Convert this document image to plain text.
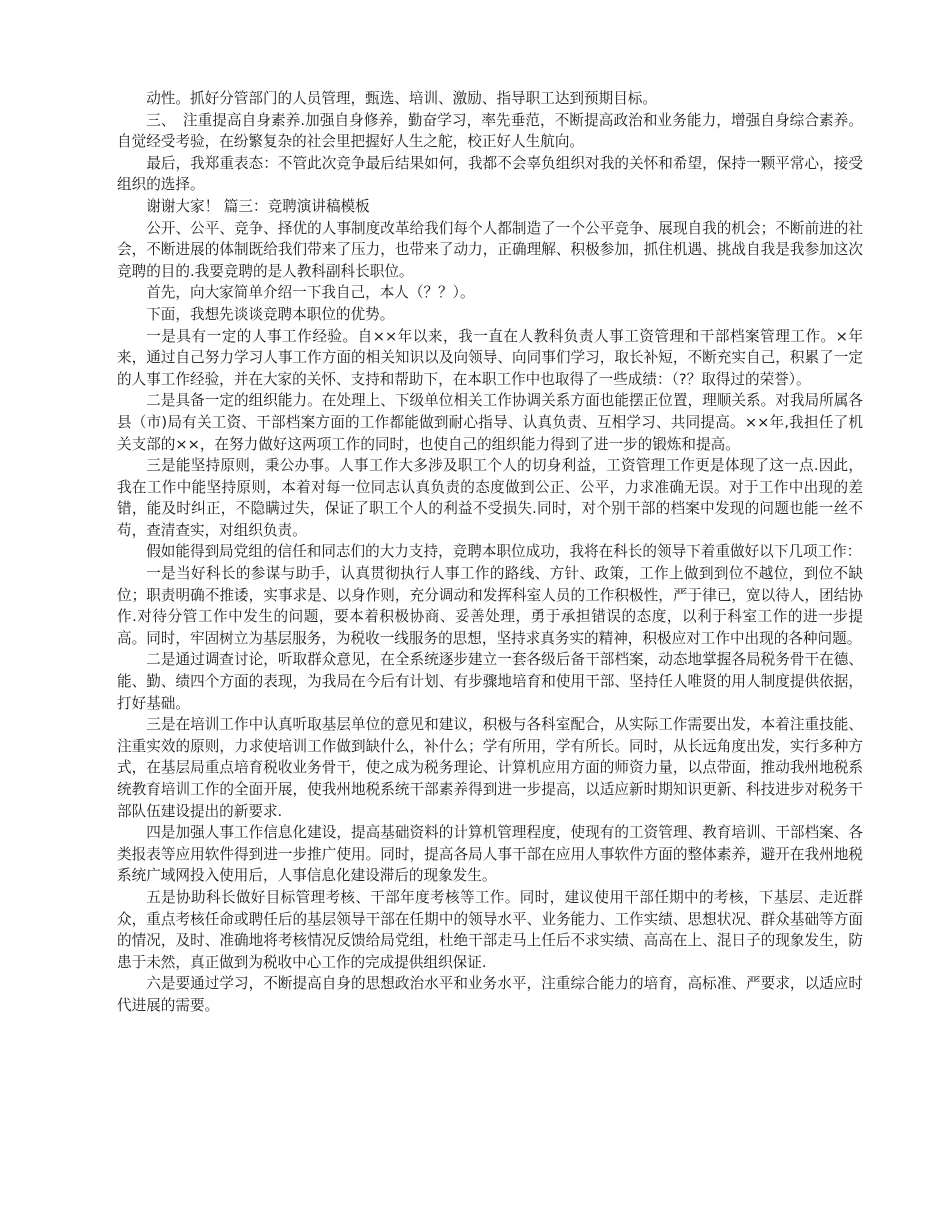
动性。抓好分管部门的人员管理，甄选、培训、激励、指导职工达到预期目标。

三、　注重提高自身素养.加强自身修养，勤奋学习，率先垂范，不断提高政治和业务能力，增强自身综合素养。自觉经受考验，在纷繁复杂的社会里把握好人生之舵，校正好人生航向。

最后，我郑重表态：不管此次竞争最后结果如何，我都不会辜负组织对我的关怀和希望，保持一颗平常心，接受组织的选择。

谢谢大家！ 篇三：竞聘演讲稿模板

公开、公平、竞争、择优的人事制度改革给我们每个人都制造了一个公平竞争、展现自我的机会；不断前进的社会，不断进展的体制既给我们带来了压力，也带来了动力，正确理解、积极参加，抓住机遇、挑战自我是我参加这次竞聘的目的.我要竞聘的是人教科副科长职位。

首先，向大家简单介绍一下我自己，本人（？？）。

下面，我想先谈谈竞聘本职位的优势。

一是具有一定的人事工作经验。自××年以来，我一直在人教科负责人事工资管理和干部档案管理工作。×年来，通过自己努力学习人事工作方面的相关知识以及向领导、向同事们学习，取长补短，不断充实自己，积累了一定的人事工作经验，并在大家的关怀、支持和帮助下，在本职工作中也取得了一些成绩：（?？取得过的荣誉）。

二是具备一定的组织能力。在处理上、下级单位相关工作协调关系方面也能摆正位置，理顺关系。对我局所属各县（市)局有关工资、干部档案方面的工作都能做到耐心指导、认真负责、互相学习、共同提高。××年,我担任了机关支部的××，在努力做好这两项工作的同时，也使自己的组织能力得到了进一步的锻炼和提高。

三是能坚持原则，秉公办事。人事工作大多涉及职工个人的切身利益，工资管理工作更是体现了这一点.因此，我在工作中能坚持原则，本着对每一位同志认真负责的态度做到公正、公平，力求准确无误。对于工作中出现的差错，能及时纠正，不隐瞒过失，保证了职工个人的利益不受损失.同时，对个别干部的档案中发现的问题也能一丝不苟，查清查实，对组织负责。

假如能得到局党组的信任和同志们的大力支持，竞聘本职位成功，我将在科长的领导下着重做好以下几项工作：

一是当好科长的参谋与助手，认真贯彻执行人事工作的路线、方针、政策，工作上做到到位不越位，到位不缺位；职责明确不推诿，实事求是、以身作则，充分调动和发挥科室人员的工作积极性，严于律已，宽以待人，团结协作.对待分管工作中发生的问题，要本着积极协商、妥善处理，勇于承担错误的态度，以利于科室工作的进一步提高。同时，牢固树立为基层服务，为税收一线服务的思想，坚持求真务实的精神，积极应对工作中出现的各种问题。

二是通过调查讨论，听取群众意见，在全系统逐步建立一套各级后备干部档案，动态地掌握各局税务骨干在德、能、勤、绩四个方面的表现，为我局在今后有计划、有步骤地培育和使用干部、坚持任人唯贤的用人制度提供依据，打好基础。

三是在培训工作中认真听取基层单位的意见和建议，积极与各科室配合，从实际工作需要出发，本着注重技能、注重实效的原则，力求使培训工作做到缺什么，补什么；学有所用，学有所长。同时，从长远角度出发，实行多种方式，在基层局重点培育税收业务骨干，使之成为税务理论、计算机应用方面的师资力量，以点带面，推动我州地税系统教育培训工作的全面开展，使我州地税系统干部素养得到进一步提高，以适应新时期知识更新、科技进步对税务干部队伍建设提出的新要求.

四是加强人事工作信息化建设，提高基础资料的计算机管理程度，使现有的工资管理、教育培训、干部档案、各类报表等应用软件得到进一步推广使用。同时，提高各局人事干部在应用人事软件方面的整体素养，避开在我州地税系统广域网投入使用后，人事信息化建设滞后的现象发生。

五是协助科长做好目标管理考核、干部年度考核等工作。同时，建议使用干部任期中的考核，下基层、走近群众，重点考核任命或聘任后的基层领导干部在任期中的领导水平、业务能力、工作实绩、思想状况、群众基础等方面的情况，及时、准确地将考核情况反馈给局党组，杜绝干部走马上任后不求实绩、高高在上、混日子的现象发生，防患于未然，真正做到为税收中心工作的完成提供组织保证.

六是要通过学习，不断提高自身的思想政治水平和业务水平，注重综合能力的培育，高标准、严要求，以适应时代进展的需要。
